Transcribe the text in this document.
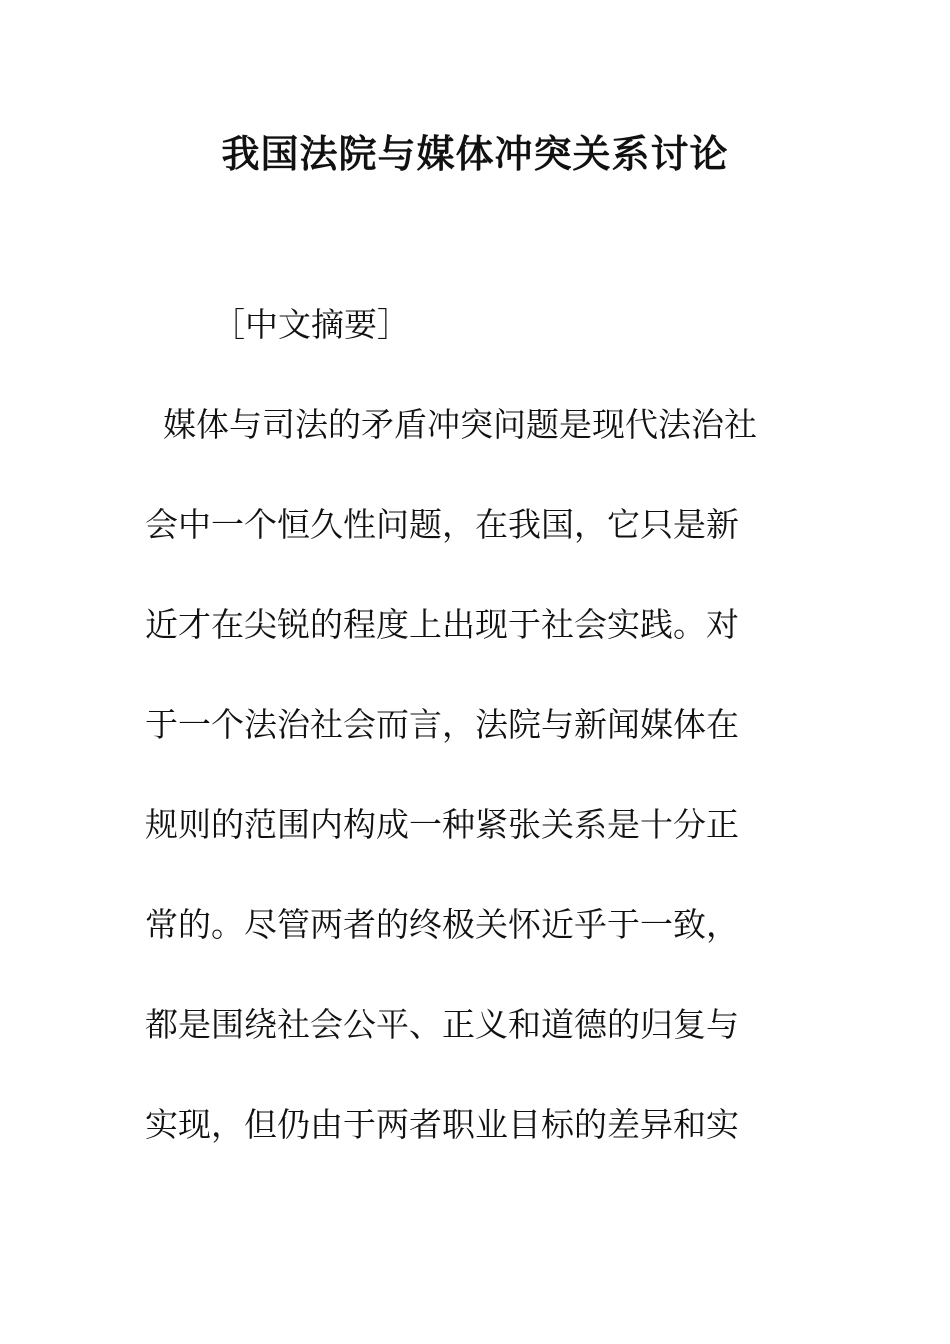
我国法院与媒体冲突关系讨论
［中文摘要］
媒体与司法的矛盾冲突问题是现代法治社
会中一个恒久性问题，在我国，它只是新
近才在尖锐的程度上出现于社会实践。对
于一个法治社会而言，法院与新闻媒体在
规则的范围内构成一种紧张关系是十分正
常的。尽管两者的终极关怀近乎于一致，
都是围绕社会公平、正义和道德的归复与
实现，但仍由于两者职业目标的差异和实
